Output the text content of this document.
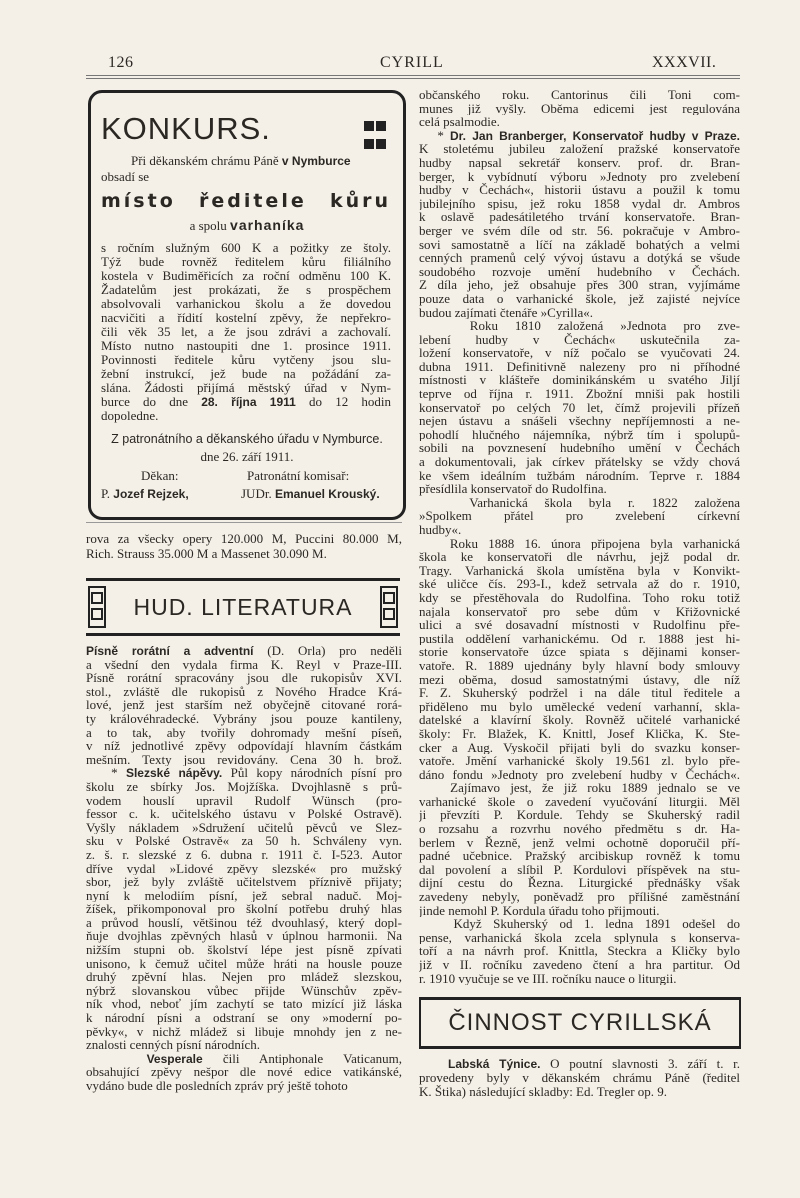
126	CYRILL	XXXVII.
KONKURS.
Při děkanském chrámu Páně v Nymburce
obsadí se
místo ředitele kůru
a spolu varhaníka
s ročním služným 600 K a požitky ze štoly.
Týž bude rovněž ředitelem kůru filiálního
kostela v Budiměřicích za roční odměnu 100 K.
Žadatelům jest prokázati, že s prospěchem
absolvovali varhanickou školu a že dovedou
nacvičiti a řídití kostelní zpěvy, že nepřekro-
čili věk 35 let, a že jsou zdrávi a zachovalí.
Místo nutno nastoupiti dne 1. prosince 1911.
Povinnosti ředitele kůru vytčeny jsou slu-
žební instrukcí, jež bude na požádání za-
slána. Žádosti přijímá městský úřad v Nym-
burce do dne 28. října 1911 do 12 hodin
dopoledne.
Z patronátního a děkanského úřadu v Nymburce.
dne 26. září 1911.
Děkan:	Patronátní komisař:
P. Jozef Rejzek,	JUDr. Emanuel Krouský.
rova za všecky opery 120.000 M, Puccini 80.000 M,
Rich. Strauss 35.000 M a Massenet 30.090 M.
HUD. LITERATURA
Písně rorátní a adventní (D. Orla) pro neděli
a všední den vydala firma K. Reyl v Praze-III.
Písně rorátní spracovány jsou dle rukopisův XVI.
stol., zvláště dle rukopisů z Nového Hradce Krá-
lové, jenž jest starším než obyčejně citované rorá-
ty královéhradecké. Vybrány jsou pouze kantileny,
a to tak, aby tvořily dohromady mešní píseň,
v níž jednotlivé zpěvy odpovídají hlavním částkám
mešním. Texty jsou revidovány. Cena 30 h. brož.
* Slezské nápěvy. Půl kopy národních písní pro
školu ze sbírky Jos. Mojžíška. Dvojhlasně s prů-
vodem houslí upravil Rudolf Wünsch (pro-
fessor c. k. učitelského ústavu v Polské Ostravě).
Vyšly nákladem »Sdružení učitelů pěvců ve Slez-
sku v Polské Ostravě« za 50 h. Schváleny vyn.
z. š. r. slezské z 6. dubna r. 1911 č. I-523. Autor
dříve vydal »Lidové zpěvy slezské« pro mužský
sbor, jež byly zvláště učitelstvem příznivě přijaty;
nyní k melodiím písní, jež sebral naduč. Moj-
žíšek, přikomponoval pro školní potřebu druhý hlas
a průvod houslí, většinou též dvouhlasý, který dopl-
ňuje dvojhlas zpěvných hlasů v úplnou harmonii. Na
nižším stupni ob. školství lépe jest písně zpívati
unisono, k čemuž učitel může hráti na housle pouze
druhý zpěvní hlas. Nejen pro mládež slezskou,
nýbrž slovanskou vůbec přijde Wünschův zpěv-
ník vhod, neboť jím zachytí se tato mizící již láska
k národní písni a odstraní se ony »moderní po-
pěvky«, v nichž mládež si libuje mnohdy jen z ne-
znalosti cenných písní národních.
Vesperale čili Antiphonale Vaticanum,
obsahující zpěvy nešpor dle nové edice vatikánské,
vydáno bude dle posledních zpráv prý ještě tohoto
občanského roku. Cantorinus čili Toni com-
munes již vyšly. Oběma edicemi jest regulována
celá psalmodie.
* Dr. Jan Branberger, Konservatoř hudby v Praze.
K stoletému jubileu založení pražské konservatoře
hudby napsal sekretář konserv. prof. dr. Bran-
berger, k vybídnutí výboru »Jednoty pro zvelebení
hudby v Čechách«, historii ústavu a použil k tomu
jubilejního spisu, jež roku 1858 vydal dr. Ambros
k oslavě padesátiletého trvání konservatoře. Bran-
berger ve svém díle od str. 56. pokračuje v Ambro-
sovi samostatně a líčí na základě bohatých a velmi
cenných pramenů celý vývoj ústavu a dotýká se všude
soudobého rozvoje umění hudebního v Čechách.
Z díla jeho, jež obsahuje přes 300 stran, vyjímáme
pouze data o varhanické škole, jež zajisté nejvíce
budou zajímati čtenáře »Cyrilla«.
Roku 1810 založená »Jednota pro zve-
lebení hudby v Čechách« uskutečnila za-
ložení konservatoře, v níž počalo se vyučovati 24.
dubna 1911. Definitivně nalezeny pro ni příhodné
místnosti v klášteře dominikánském u svatého Jiljí
teprve od října r. 1911. Zbožní mniši pak hostili
konservatoř po celých 70 let, čímž projevili přízeň
nejen ústavu a snášeli všechny nepříjemnosti a ne-
pohodlí hlučného nájemníka, nýbrž tím i spolupů-
sobili na povznesení hudebního umění v Čechách
a dokumentovali, jak církev přátelsky se vždy chová
ke všem ideálním tužbám národním. Teprve r. 1884
přesídlila konservatoř do Rudolfina.
Varhanická škola byla r. 1822 založena
»Spolkem přátel pro zvelebení církevní
hudby«.
Roku 1888 16. února připojena byla varhanická
škola ke konservatoři dle návrhu, jejž podal dr.
Tragy. Varhanická škola umístěna byla v Konvikt-
ské uličce čís. 293-I., kdež setrvala až do r. 1910,
kdy se přestěhovala do Rudolfina. Toho roku totiž
najala konservatoř pro sebe dům v Křižovnické
ulici a své dosavadní místnosti v Rudolfinu pře-
pustila oddělení varhanickému. Od r. 1888 jest hi-
storie konservatoře úzce spiata s dějinami konser-
vatoře. R. 1889 ujednány byly hlavní body smlouvy
mezi oběma, dosud samostatnými ústavy, dle níž
F. Z. Skuherský podržel i na dále titul ředitele a
přiděleno mu bylo umělecké vedení varhanní, skla-
datelské a klavírní školy. Rovněž učitelé varhanické
školy: Fr. Blažek, K. Knittl, Josef Klička, K. Ste-
cker a Aug. Vyskočil přijati byli do svazku konser-
vatoře. Jmění varhanické školy 19.561 zl. bylo pře-
dáno fondu »Jednoty pro zvelebení hudby v Čechách«.
Zajímavo jest, že již roku 1889 jednalo se ve
varhanické škole o zavedení vyučování liturgii. Měl
ji převzíti P. Kordule. Tehdy se Skuherský radil
o rozsahu a rozvrhu nového předmětu s dr. Ha-
berlem v Řezně, jenž velmi ochotně doporučil pří-
padné učebnice. Pražský arcibiskup rovněž k tomu
dal povolení a slíbil P. Kordulovi příspěvek na stu-
dijní cestu do Řezna. Liturgické přednášky však
zavedeny nebyly, poněvadž pro přílišné zaměstnání
jinde nemohl P. Kordula úřadu toho přijmouti.
Když Skuherský od 1. ledna 1891 odešel do
pense, varhanická škola zcela splynula s konserva-
toří a na návrh prof. Knittla, Steckra a Kličky bylo
již v II. ročníku zavedeno čtení a hra partitur. Od
r. 1910 vyučuje se ve III. ročníku nauce o liturgii.
ČINNOST CYRILLSKÁ
Labská Týnice. O poutní slavnosti 3. září t. r.
provedeny byly v děkanském chrámu Páně (ředitel
K. Štika) následující skladby: Ed. Tregler op. 9.
